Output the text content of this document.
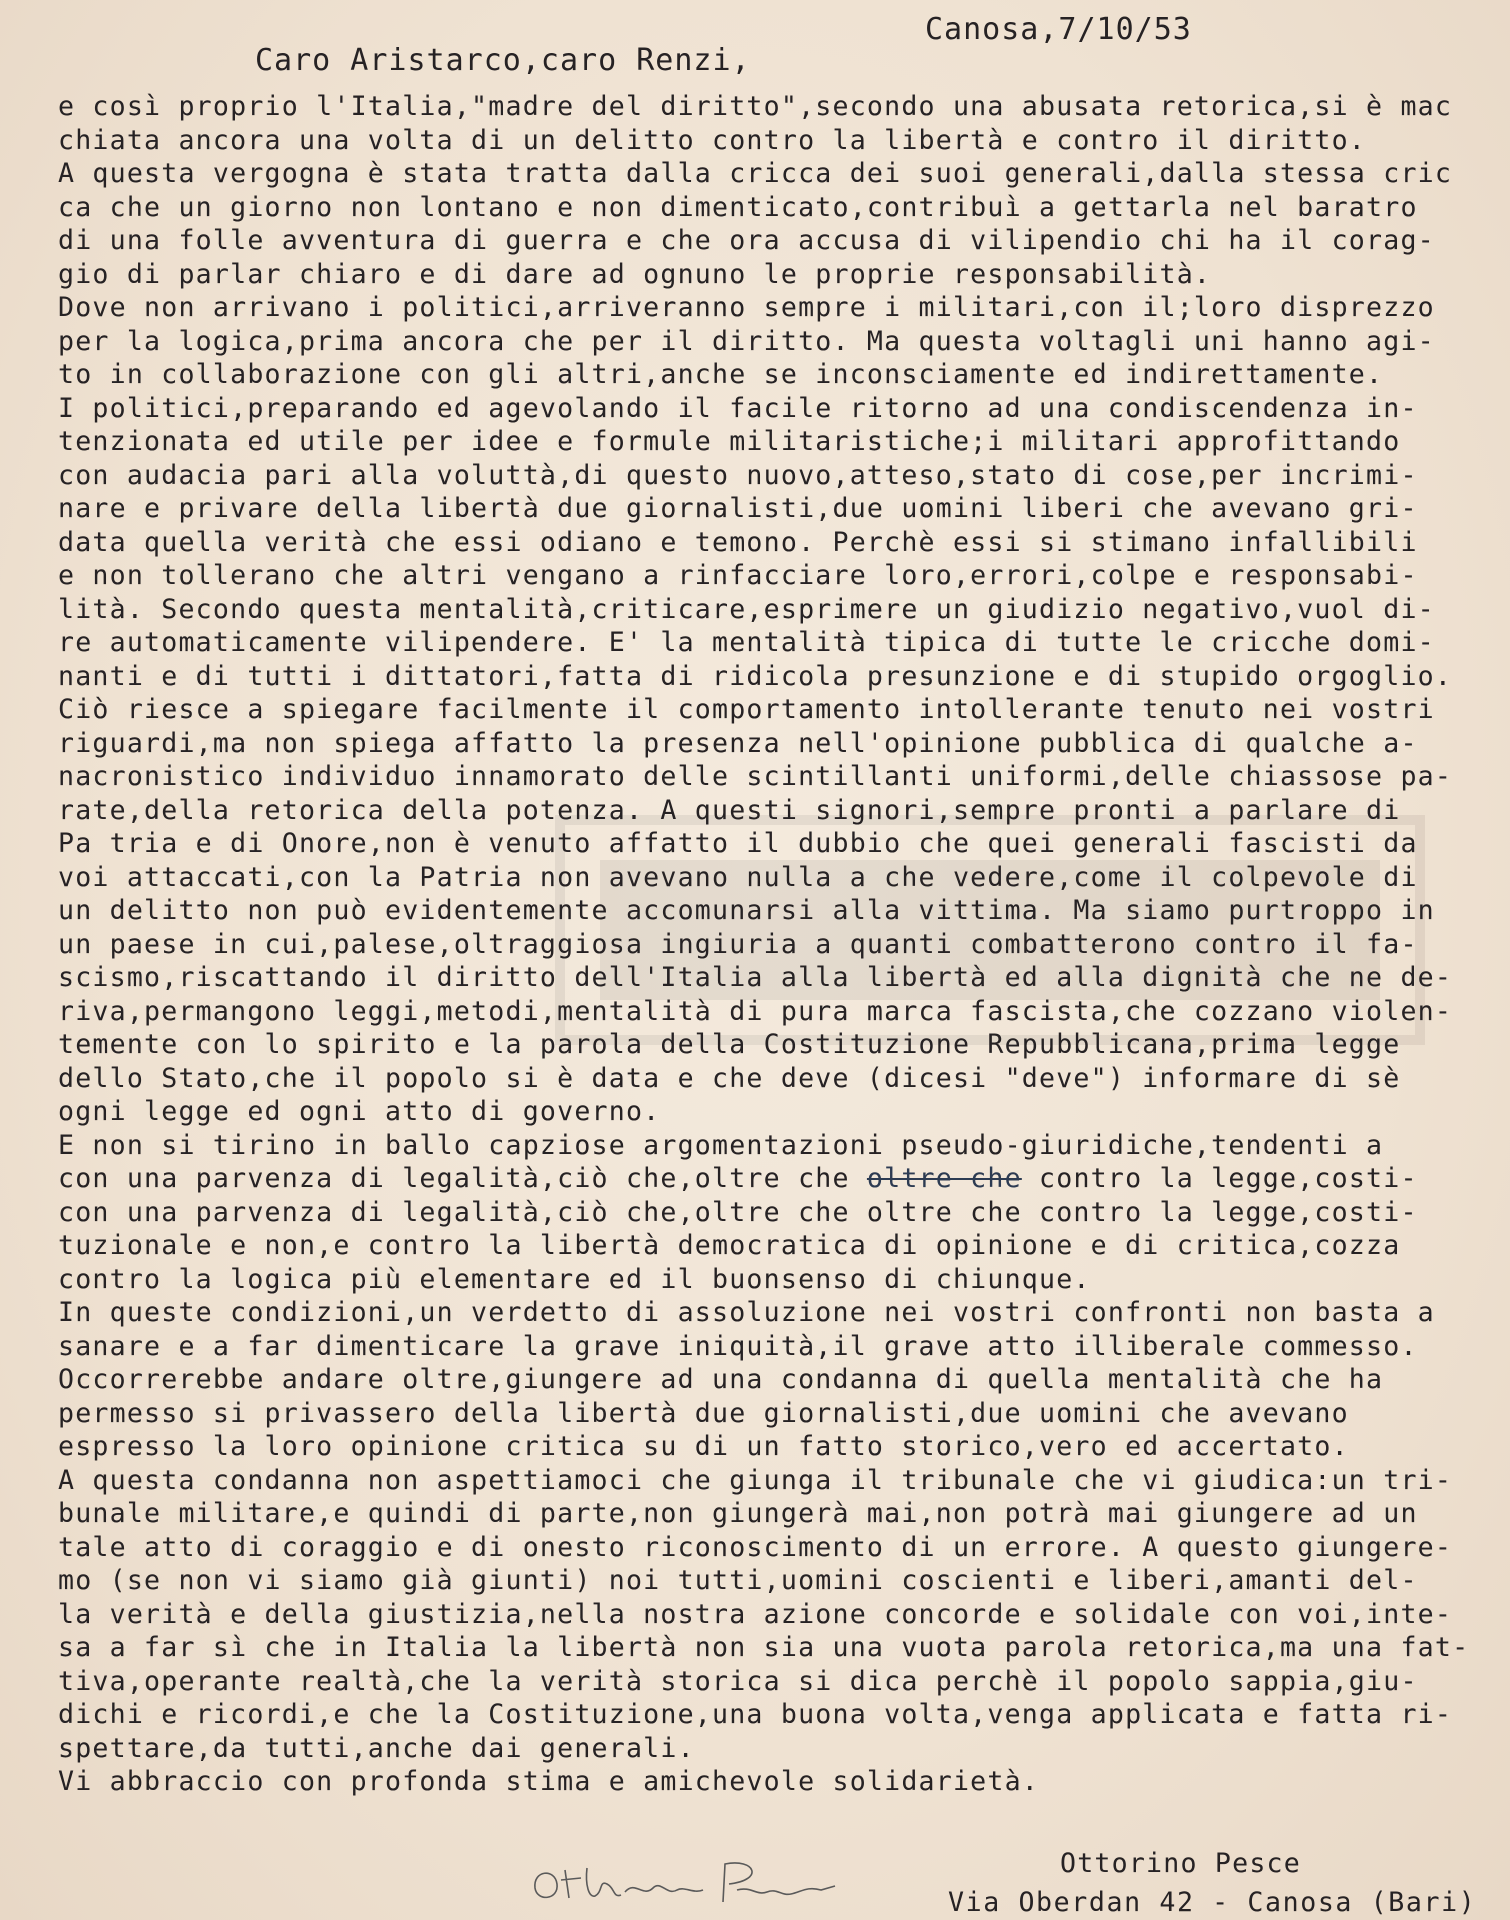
Canosa,7/10/53
Caro Aristarco,caro Renzi,
e così proprio l'Italia,"madre del diritto",secondo una abusata retorica,si è mac
chiata ancora una volta di un delitto contro la libertà e contro il diritto.
A questa vergogna è stata tratta dalla cricca dei suoi generali,dalla stessa cric
ca che un giorno non lontano e non dimenticato,contribuì a gettarla nel baratro
di una folle avventura di guerra e che ora accusa di vilipendio chi ha il corag-
gio di parlar chiaro e di dare ad ognuno le proprie responsabilità.
Dove non arrivano i politici,arriveranno sempre i militari,con il;loro disprezzo
per la logica,prima ancora che per il diritto. Ma questa voltagli uni hanno agi-
to in collaborazione con gli altri,anche se inconsciamente ed indirettamente.
I politici,preparando ed agevolando il facile ritorno ad una condiscendenza in-
tenzionata ed utile per idee e formule militaristiche;i militari approfittando
con audacia pari alla voluttà,di questo nuovo,atteso,stato di cose,per incrimi-
nare e privare della libertà due giornalisti,due uomini liberi che avevano gri-
data quella verità che essi odiano e temono. Perchè essi si stimano infallibili
e non tollerano che altri vengano a rinfacciare loro,errori,colpe e responsabi-
lità. Secondo questa mentalità,criticare,esprimere un giudizio negativo,vuol di-
re automaticamente vilipendere. E' la mentalità tipica di tutte le cricche domi-
nanti e di tutti i dittatori,fatta di ridicola presunzione e di stupido orgoglio.
Ciò riesce a spiegare facilmente il comportamento intollerante tenuto nei vostri
riguardi,ma non spiega affatto la presenza nell'opinione pubblica di qualche a-
nacronistico individuo innamorato delle scintillanti uniformi,delle chiassose pa-
rate,della retorica della potenza. A questi signori,sempre pronti a parlare di
Pa tria e di Onore,non è venuto affatto il dubbio che quei generali fascisti da
voi attaccati,con la Patria non avevano nulla a che vedere,come il colpevole di
un delitto non può evidentemente accomunarsi alla vittima. Ma siamo purtroppo in
un paese in cui,palese,oltraggiosa ingiuria a quanti combatterono contro il fa-
scismo,riscattando il diritto dell'Italia alla libertà ed alla dignità che ne de-
riva,permangono leggi,metodi,mentalità di pura marca fascista,che cozzano violen-
temente con lo spirito e la parola della Costituzione Repubblicana,prima legge
dello Stato,che il popolo si è data e che deve (dicesi "deve") informare di sè
ogni legge ed ogni atto di governo.
E non si tirino in ballo capziose argomentazioni pseudo-giuridiche,tendenti a
con una parvenza di legalità,ciò che,oltre che oltre che contro la legge,costi-
con una parvenza di legalità,ciò che,oltre che oltre che contro la legge,costi-
tuzionale e non,e contro la libertà democratica di opinione e di critica,cozza
contro la logica più elementare ed il buonsenso di chiunque.
In queste condizioni,un verdetto di assoluzione nei vostri confronti non basta a
sanare e a far dimenticare la grave iniquità,il grave atto illiberale commesso.
Occorrerebbe andare oltre,giungere ad una condanna di quella mentalità che ha
permesso si privassero della libertà due giornalisti,due uomini che avevano
espresso la loro opinione critica su di un fatto storico,vero ed accertato.
A questa condanna non aspettiamoci che giunga il tribunale che vi giudica:un tri-
bunale militare,e quindi di parte,non giungerà mai,non potrà mai giungere ad un
tale atto di coraggio e di onesto riconoscimento di un errore. A questo giungere-
mo (se non vi siamo già giunti) noi tutti,uomini coscienti e liberi,amanti del-
la verità e della giustizia,nella nostra azione concorde e solidale con voi,inte-
sa a far sì che in Italia la libertà non sia una vuota parola retorica,ma una fat-
tiva,operante realtà,che la verità storica si dica perchè il popolo sappia,giu-
dichi e ricordi,e che la Costituzione,una buona volta,venga applicata e fatta ri-
spettare,da tutti,anche dai generali.
Vi abbraccio con profonda stima e amichevole solidarietà.
Ottorino Pesce
Via Oberdan 42 - Canosa (Bari)
